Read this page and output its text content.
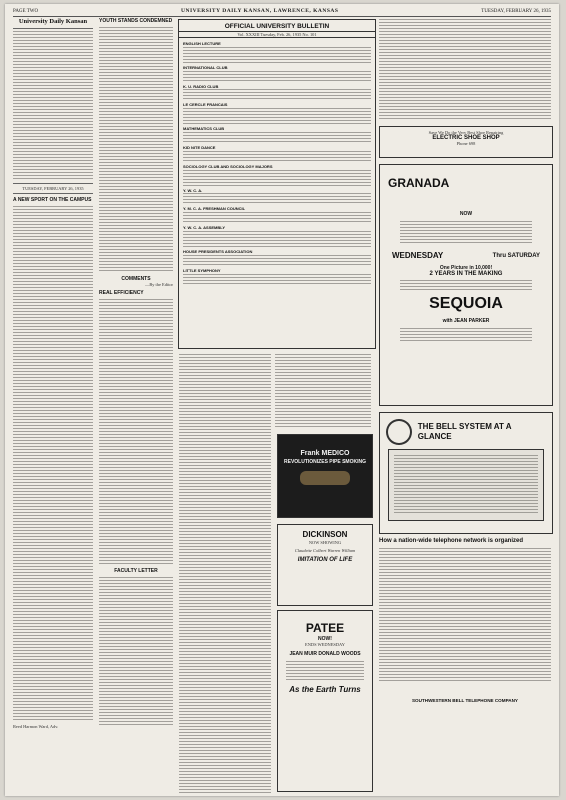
PAGE TWO	UNIVERSITY DAILY KANSAN, LAWRENCE, KANSAS	TUESDAY, FEBRUARY 26, 1935
University Daily Kansan
TUESDAY, FEBRUARY 26, 1935
A NEW SPORT ON THE CAMPUS
Reed Harmon Ward, Adv.
YOUTH STANDS CONDEMNED
COMMENTS
—By the Editor
REAL EFFICIENCY
FACULTY LETTER
OFFICIAL UNIVERSITY BULLETIN
Vol. XXXIII Tuesday, Feb. 26, 1935 No. 101
ENGLISH LECTURE
INTERNATIONAL CLUB
K. U. RADIO CLUB
LE CERCLE FRANCAIS
MATHEMATICS CLUB
KID NITE DANCE
SOCIOLOGY CLUB AND SOCIOLOGY MAJORS
Y. W. C. A.
Y. M. C. A. FRESHMAN COUNCIL
Y. W. C. A. ASSEMBLY
HOUSE PRESIDENTS ASSOCIATION
LITTLE SYMPHONY
Frank MEDICO
REVOLUTIONIZES PIPE SMOKING
DICKINSON
NOW SHOWING
Claudette Colbert Warren William
IMITATION OF LIFE
PATEE
NOW!
ENDS WEDNESDAY
JEAN MUIR DONALD WOODS
As the Earth Turns
Save We Do the Very Best Shoe Repairing
ELECTRIC SHOE SHOP
Phone 698
GRANADA
NOW
WEDNESDAY	Thru SATURDAY
One Picture in 10,000!
2 YEARS IN THE MAKING
SEQUOIA
with JEAN PARKER
THE BELL SYSTEM AT A GLANCE
How a nation-wide telephone network is organized
SOUTHWESTERN BELL TELEPHONE COMPANY
